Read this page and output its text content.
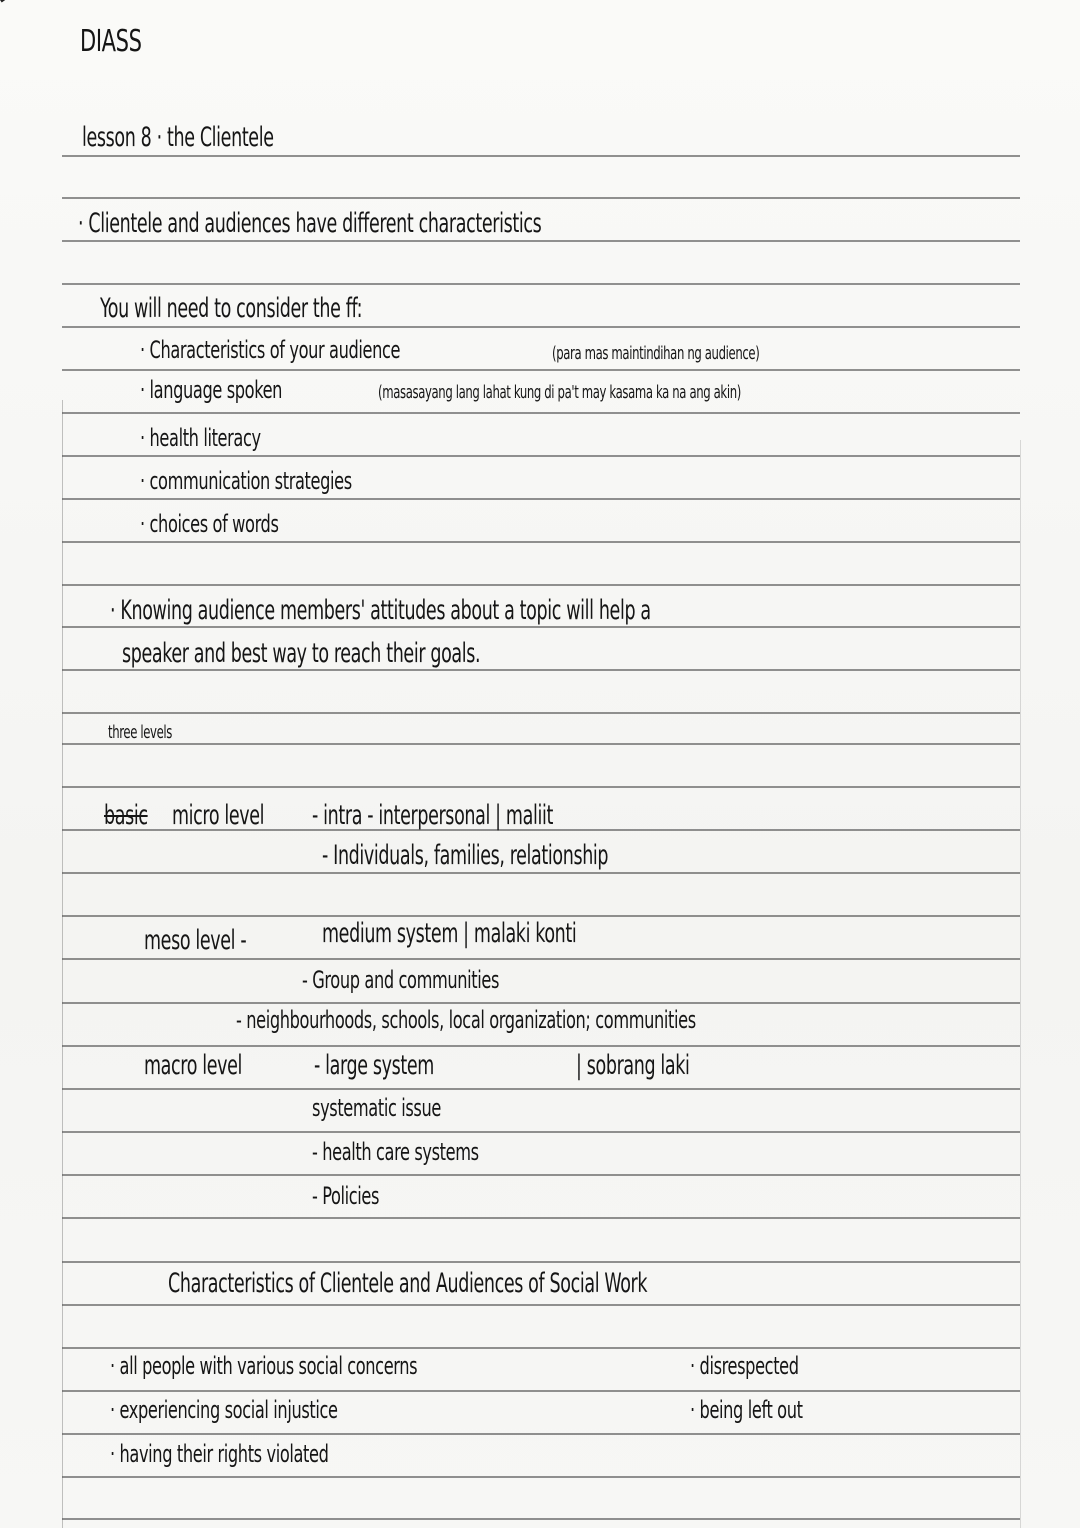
DIASS
lesson 8 · the Clientele
· Clientele and audiences have different characteristics
You will need to consider the ff:
· Characteristics of your audience	(para mas maintindihan ng audience)
· language spoken	(masasayang lang lahat kung di pa't may kasama ka na ang akin)
· health literacy
· communication strategies
· choices of words
· Knowing audience members' attitudes about a topic will help a
speaker and best way to reach their goals.
three levels
basic micro level - intra - interpersonal | maliit
- Individuals, families, relationship
meso level -	medium system | malaki konti
- Group and communities
- neighbourhoods, schools, local organization; communities
macro level	- large system	| sobrang laki
systematic issue
- health care systems
- Policies
Characteristics of Clientele and Audiences of Social Work
· all people with various social concerns
· experiencing social injustice
· having their rights violated
· disrespected
· being left out
